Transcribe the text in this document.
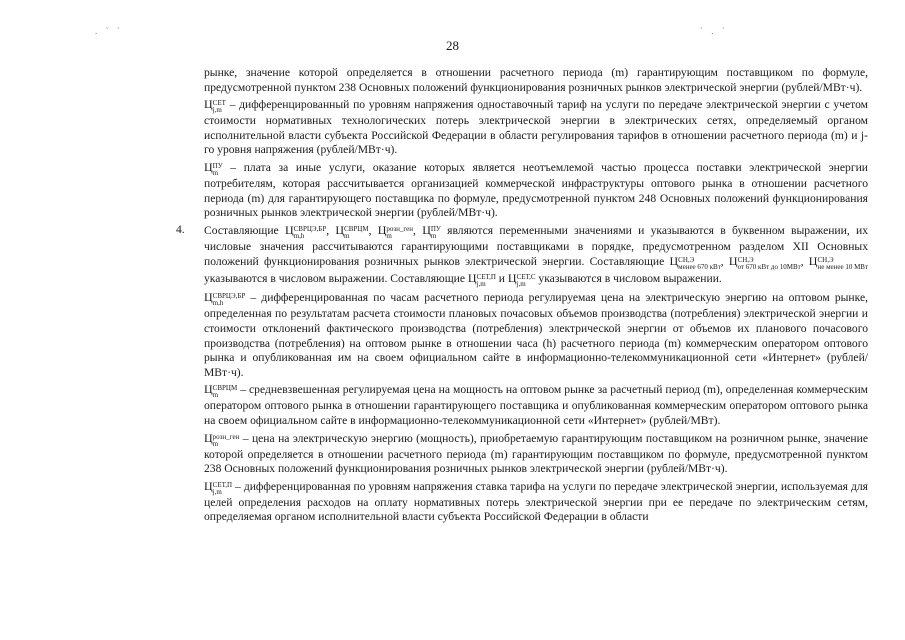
. ˋ ˊ	ˋ . ˊ
28

рынке, значение которой определяется в отношении расчетного периода (m) гарантирующим поставщиком по формуле, предусмотренной пунктом 238 Основных положений функционирования розничных рынков электрической энергии (рублей/МВт·ч).

Ц СЕТ
j,m – дифференцированный по уровням напряжения одноставочный тариф на услуги по передаче электрической энергии с учетом стоимости нормативных технологических потерь электрической энергии в электрических сетях, определяемый органом исполнительной власти субъекта Российской Федерации в области регулирования тарифов в отношении расчетного периода (m) и j-го уровня напряжения (рублей/МВт·ч).

Ц ПУ
m – плата за иные услуги, оказание которых является неотъемлемой частью процесса поставки электрической энергии потребителям, которая рассчитывается организацией коммерческой инфраструктуры оптового рынка в отношении расчетного периода (m) для гарантирующего поставщика по формуле, предусмотренной пунктом 248 Основных положений функционирования розничных рынков электрической энергии (рублей/МВт·ч).

4. Составляющие Ц СВРЦЭ,БР
m,h	, Ц СВРЦМ
m	, Ц розн_ген
m	, Ц ПУ
m являются переменными значениями и указываются в буквенном выражении, их числовые значения рассчитываются гарантирующими поставщиками в порядке, предусмотренном разделом XII Основных положений функционирования розничных рынков электрической энергии. Составляющие Ц СН,Э
менее 670 кВт , Ц СН,Э
от 670 кВт до 10МВт , Ц СН,Э
не менее 10 МВт
указываются в числовом выражении. Составляющие Ц СЕТ,П
j,m и Ц СЕТ,С
j,m указываются в числовом выражении.

Ц СВРЦЭ,БР
m,h	– дифференцированная по часам расчетного периода регулируемая цена на электрическую энергию на оптовом рынке, определенная по результатам расчета стоимости плановых почасовых объемов производства (потребления) электрической энергии и стоимости отклонений фактического производства (потребления) электрической энергии от объемов их планового почасового производства (потребления) на оптовом рынке в отношении часа (h) расчетного периода (m) коммерческим оператором оптового рынка и опубликованная им на своем официальном сайте в информационно-телекоммуникационной сети «Интернет» (рублей/МВт·ч).

Ц СВРЦМ
m	– средневзвешенная регулируемая цена на мощность на оптовом рынке за расчетный период (m), определенная коммерческим оператором оптового рынка в отношении гарантирующего поставщика и опубликованная коммерческим оператором оптового рынка на своем официальном сайте в информационно-телекоммуникационной сети «Интернет» (рублей/МВт).

Ц розн_ген
m	– цена на электрическую энергию (мощность), приобретаемую гарантирующим поставщиком на розничном рынке, значение которой определяется в отношении расчетного периода (m) гарантирующим поставщиком по формуле, предусмотренной пунктом 238 Основных положений функционирования розничных рынков электрической энергии (рублей/МВт·ч).

Ц СЕТ,П
j,m – дифференцированная по уровням напряжения ставка тарифа на услуги по передаче электрической энергии, используемая для целей определения расходов на оплату нормативных потерь электрической энергии при ее передаче по электрическим сетям, определяемая органом исполнительной власти субъекта Российской Федерации в области
